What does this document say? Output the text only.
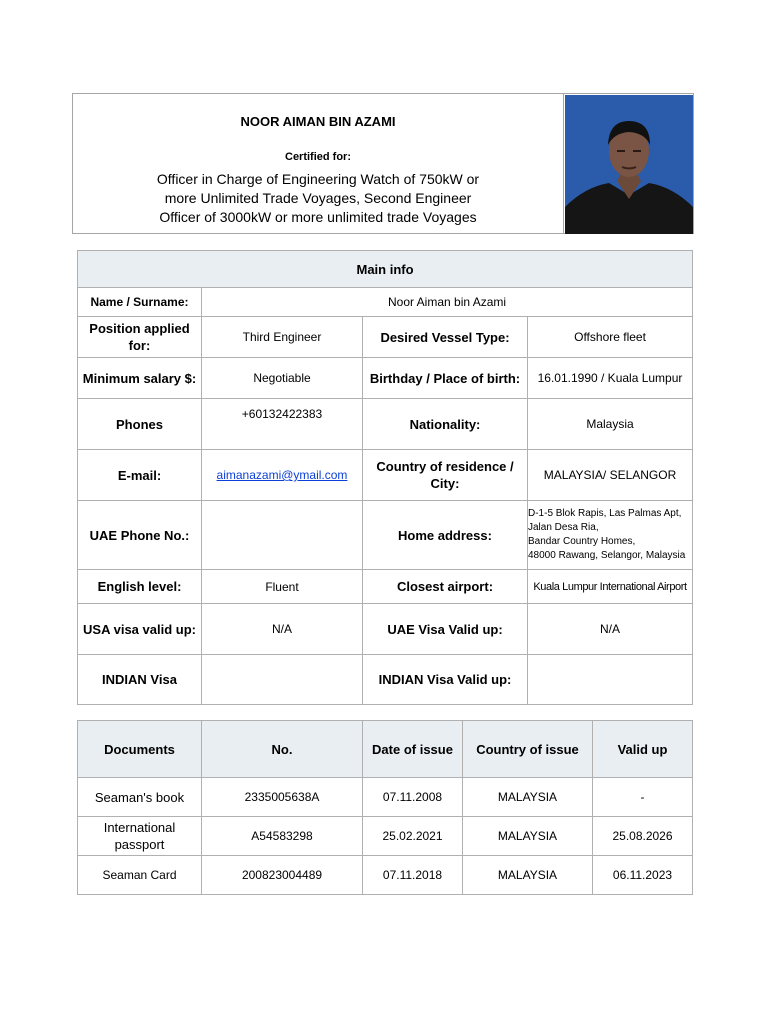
NOOR AIMAN BIN AZAMI
Certified for:
Officer in Charge of Engineering Watch of 750kW or more Unlimited Trade Voyages, Second Engineer Officer of 3000kW or more unlimited trade Voyages
Main info			
Name / Surname:	Noor Aiman bin Azami		
Position applied for:	Third Engineer	Desired Vessel Type:	Offshore fleet
Minimum salary $:	Negotiable	Birthday / Place of birth:	16.01.1990 / Kuala Lumpur
Phones	+60132422383	Nationality:	Malaysia
E-mail:	aimanazami@ymail.com	Country of residence / City:	MALAYSIA/ SELANGOR
UAE Phone No.:		Home address:	D-1-5 Blok Rapis, Las Palmas Apt,
Jalan Desa Ria,
Bandar Country Homes,
48000 Rawang, Selangor, Malaysia

English level:	Fluent	Closest airport:	Kuala Lumpur International Airport
USA visa valid up:	N/A	UAE Visa Valid up:	N/A
INDIAN Visa		INDIAN Visa Valid up:	
Documents	No.	Date of issue	Country of issue	Valid up
Seaman's book	2335005638A	07.11.2008	MALAYSIA	-
International passport	A54583298	25.02.2021	MALAYSIA	25.08.2026
Seaman Card	200823004489	07.11.2018	MALAYSIA	06.11.2023
